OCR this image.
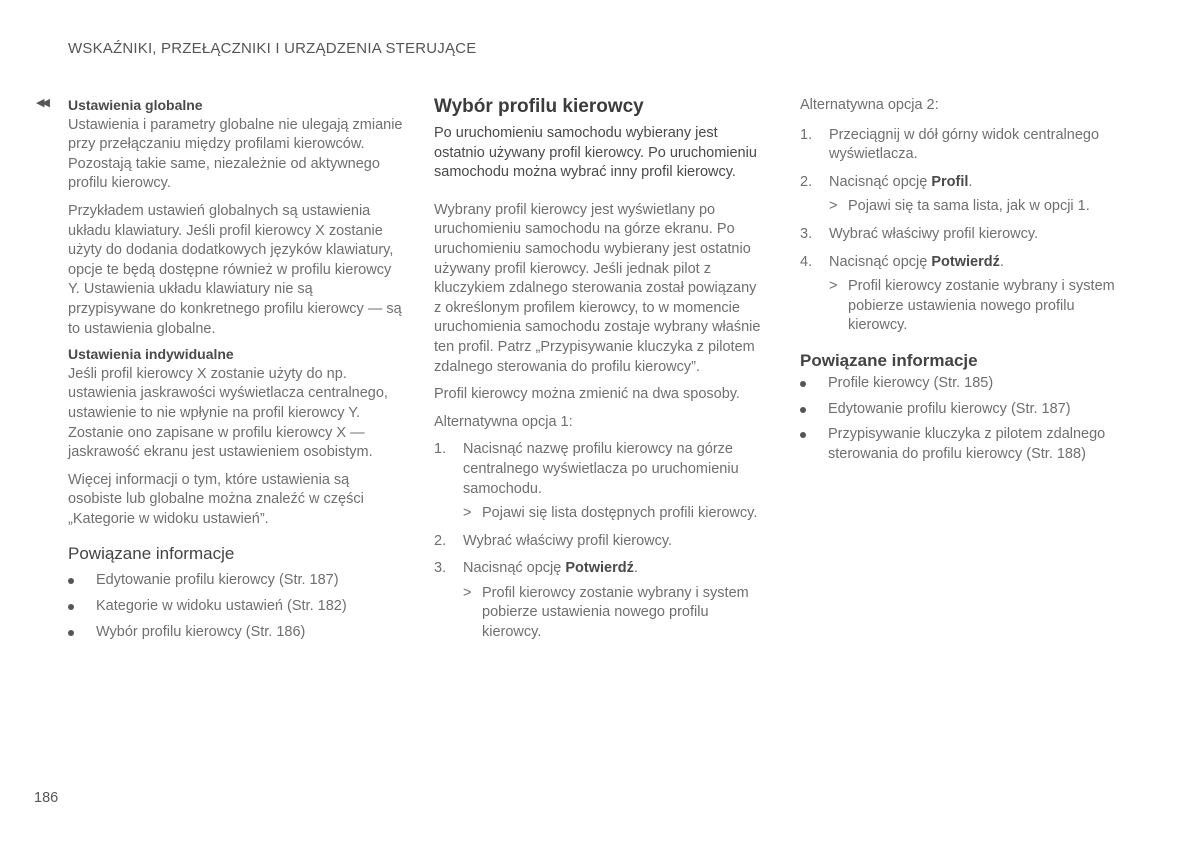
WSKAŹNIKI, PRZEŁĄCZNIKI I URZĄDZENIA STERUJĄCE
◀◀ Ustawienia globalne

Ustawienia i parametry globalne nie ulegają zmianie przy przełączaniu między profilami kierowców. Pozostają takie same, niezależnie od aktywnego profilu kierowcy.

Przykładem ustawień globalnych są ustawienia układu klawiatury. Jeśli profil kierowcy X zostanie użyty do dodania dodatkowych języków klawiatury, opcje te będą dostępne również w profilu kierowcy Y. Ustawienia układu klawiatury nie są przypisywane do konkretnego profilu kierowcy — są to ustawienia globalne.

Ustawienia indywidualne

Jeśli profil kierowcy X zostanie użyty do np. ustawienia jaskrawości wyświetlacza centralnego, ustawienie to nie wpłynie na profil kierowcy Y. Zostanie ono zapisane w profilu kierowcy X — jaskrawość ekranu jest ustawieniem osobistym.

Więcej informacji o tym, które ustawienia są osobiste lub globalne można znaleźć w części „Kategorie w widoku ustawień”.

Powiązane informacje
Edytowanie profilu kierowcy (Str. 187)
Kategorie w widoku ustawień (Str. 182)
Wybór profilu kierowcy (Str. 186)
Wybór profilu kierowcy

Po uruchomieniu samochodu wybierany jest ostatnio używany profil kierowcy. Po uruchomieniu samochodu można wybrać inny profil kierowcy.

Wybrany profil kierowcy jest wyświetlany po uruchomieniu samochodu na górze ekranu. Po uruchomieniu samochodu wybierany jest ostatnio używany profil kierowcy. Jeśli jednak pilot z kluczykiem zdalnego sterowania został powiązany z określonym profilem kierowcy, to w momencie uruchomienia samochodu zostaje wybrany właśnie ten profil. Patrz „Przypisywanie kluczyka z pilotem zdalnego sterowania do profilu kierowcy”.

Profil kierowcy można zmienić na dwa sposoby.

Alternatywna opcja 1:

1. Nacisnąć nazwę profilu kierowcy na górze centralnego wyświetlacza po uruchomieniu samochodu.
> Pojawi się lista dostępnych profili kierowcy.
2. Wybrać właściwy profil kierowcy.
3. Nacisnąć opcję Potwierdź.
> Profil kierowcy zostanie wybrany i system pobierze ustawienia nowego profilu kierowcy.

Alternatywna opcja 2:

1. Przeciągnij w dół górny widok centralnego wyświetlacza.
2. Nacisnąć opcję Profil.
> Pojawi się ta sama lista, jak w opcji 1.
3. Wybrać właściwy profil kierowcy.
4. Nacisnąć opcję Potwierdź.
> Profil kierowcy zostanie wybrany i system pobierze ustawienia nowego profilu kierowcy.
Powiązane informacje
Profile kierowcy (Str. 185)
Edytowanie profilu kierowcy (Str. 187)
Przypisywanie kluczyka z pilotem zdalnego sterowania do profilu kierowcy (Str. 188)
186
